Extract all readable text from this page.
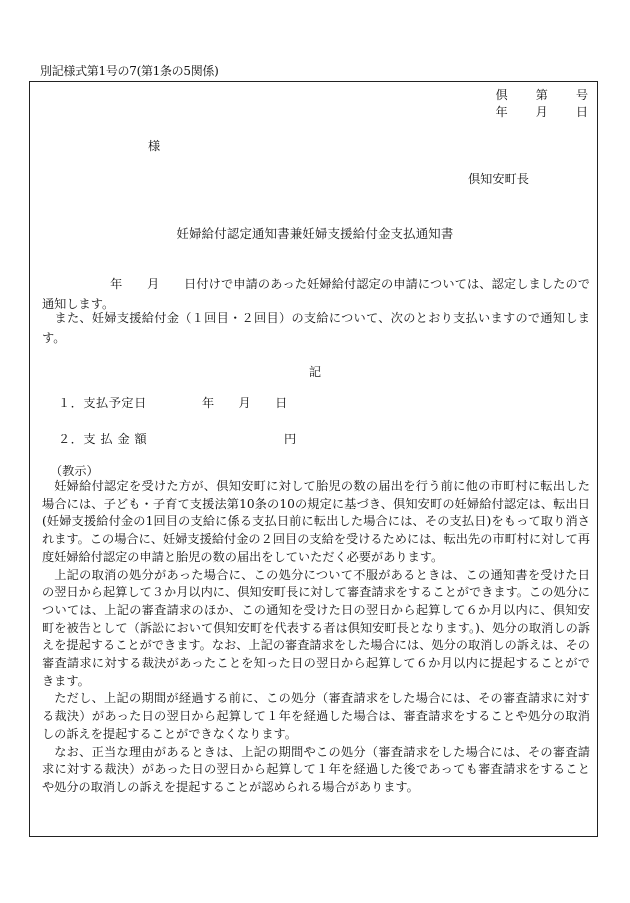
別記様式第1号の7(第1条の5関係)
倶 第 号
年 月 日
様
倶知安町長
妊婦給付認定通知書兼妊婦支援給付金支払通知書

年　　月　　日付けで申請のあった妊婦給付認定の申請については、認定しましたので通知します。

また、妊婦支援給付金（１回目・２回目）の支給について、次のとおり支払いますので通知します。

記
１．支払予定日	年　　月　　日
２．支 払 金 額	円
（教示）

妊婦給付認定を受けた方が、倶知安町に対して胎児の数の届出を行う前に他の市町村に転出した場合には、子ども・子育て支援法第10条の10の規定に基づき、倶知安町の妊婦給付認定は、転出日(妊婦支援給付金の1回目の支給に係る支払日前に転出した場合には、その支払日)をもって取り消されます。この場合に、妊婦支援給付金の２回目の支給を受けるためには、転出先の市町村に対して再度妊婦給付認定の申請と胎児の数の届出をしていただく必要があります。

上記の取消の処分があった場合に、この処分について不服があるときは、この通知書を受けた日の翌日から起算して３か月以内に、倶知安町長に対して審査請求をすることができます。この処分については、上記の審査請求のほか、この通知を受けた日の翌日から起算して６か月以内に、倶知安町を被告として（訴訟において倶知安町を代表する者は倶知安町長となります。)、処分の取消しの訴えを提起することができます。なお、上記の審査請求をした場合には、処分の取消しの訴えは、その審査請求に対する裁決があったことを知った日の翌日から起算して６か月以内に提起することができます。

ただし、上記の期間が経過する前に、この処分（審査請求をした場合には、その審査請求に対する裁決）があった日の翌日から起算して１年を経過した場合は、審査請求をすることや処分の取消しの訴えを提起することができなくなります。

なお、正当な理由があるときは、上記の期間やこの処分（審査請求をした場合には、その審査請求に対する裁決）があった日の翌日から起算して１年を経過した後であっても審査請求をすることや処分の取消しの訴えを提起することが認められる場合があります。
